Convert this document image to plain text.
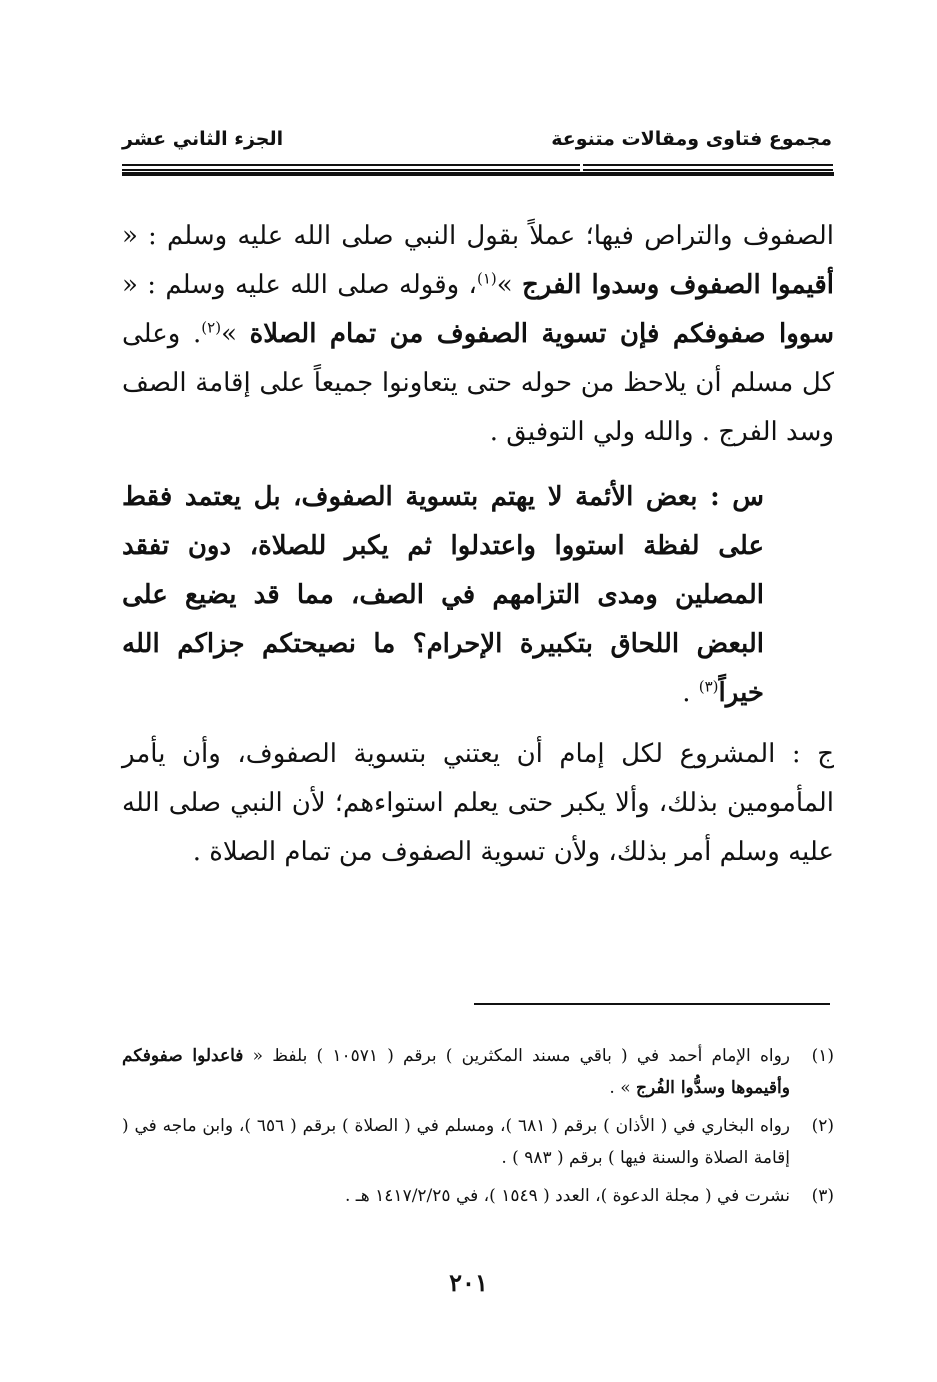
مجموع فتاوى ومقالات متنوعة
الجزء الثاني عشر

الصفوف والتراص فيها؛ عملاً بقول النبي صلى الله عليه وسلم : « أقيموا الصفوف وسدوا الفرج »$^{(١)}$، وقوله صلى الله عليه وسلم : « سووا صفوفكم فإن تسوية الصفوف من تمام الصلاة »$^{(٢)}$. وعلى كل مسلم أن يلاحظ من حوله حتى يتعاونوا جميعاً على إقامة الصف وسد الفرج . والله ولي التوفيق .

س : بعض الأئمة لا يهتم بتسوية الصفوف، بل يعتمد فقط على لفظة استووا واعتدلوا ثم يكبر للصلاة، دون تفقد المصلين ومدى التزامهم في الصف، مما قد يضيع على البعض اللحاق بتكبيرة الإحرام؟ ما نصيحتكم جزاكم الله خيراً$^{(٣)}$ .

ج : المشروع لكل إمام أن يعتني بتسوية الصفوف، وأن يأمر المأمومين بذلك، وألا يكبر حتى يعلم استواءهم؛ لأن النبي صلى الله عليه وسلم أمر بذلك، ولأن تسوية الصفوف من تمام الصلاة .

(١)
رواه الإمام أحمد في ( باقي مسند المكثرين ) برقم ( ١٠٥٧١ ) بلفظ « فاعدلوا صفوفكم وأقيموها وسدُّوا الفُرج » .

(٢)
رواه البخاري في ( الأذان ) برقم ( ٦٨١ )، ومسلم في ( الصلاة ) برقم ( ٦٥٦ )، وابن ماجه في ( إقامة الصلاة والسنة فيها ) برقم ( ٩٨٣ ) .

(٣)
نشرت في ( مجلة الدعوة )، العدد ( ١٥٤٩ )، في ١٤١٧/٢/٢٥ هـ .

٢٠١
